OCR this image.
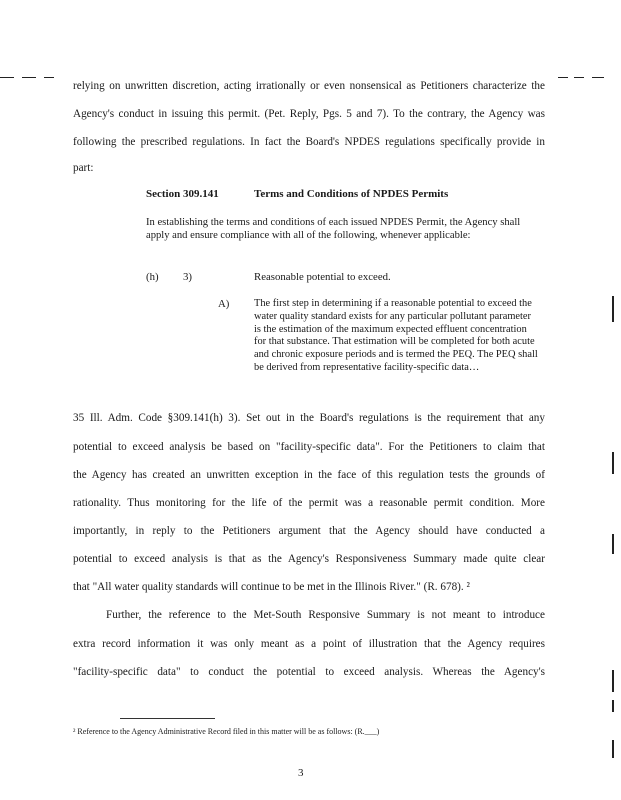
relying on unwritten discretion, acting irrationally or even nonsensical as Petitioners characterize the
Agency's conduct in issuing this permit. (Pet. Reply, Pgs. 5 and 7). To the contrary, the Agency was
following the prescribed regulations. In fact the Board's NPDES regulations specifically provide in
part:
Section 309.141	Terms and Conditions of NPDES Permits
In establishing the terms and conditions of each issued NPDES Permit, the Agency shall apply and ensure compliance with all of the following, whenever applicable:
(h) 3)	Reasonable potential to exceed.
A) The first step in determining if a reasonable potential to exceed the water quality standard exists for any particular pollutant parameter is the estimation of the maximum expected effluent concentration for that substance. That estimation will be completed for both acute and chronic exposure periods and is termed the PEQ. The PEQ shall be derived from representative facility-specific data…
35 Ill. Adm. Code §309.141(h) 3). Set out in the Board's regulations is the requirement that any
potential to exceed analysis be based on "facility-specific data". For the Petitioners to claim that
the Agency has created an unwritten exception in the face of this regulation tests the grounds of
rationality. Thus monitoring for the life of the permit was a reasonable permit condition. More
importantly, in reply to the Petitioners argument that the Agency should have conducted a
potential to exceed analysis is that as the Agency's Responsiveness Summary made quite clear
that "All water quality standards will continue to be met in the Illinois River." (R. 678). ²
Further, the reference to the Met-South Responsive Summary is not meant to introduce
extra record information it was only meant as a point of illustration that the Agency requires
"facility-specific data" to conduct the potential to exceed analysis. Whereas the Agency's
² Reference to the Agency Administrative Record filed in this matter will be as follows: (R.___)
3
